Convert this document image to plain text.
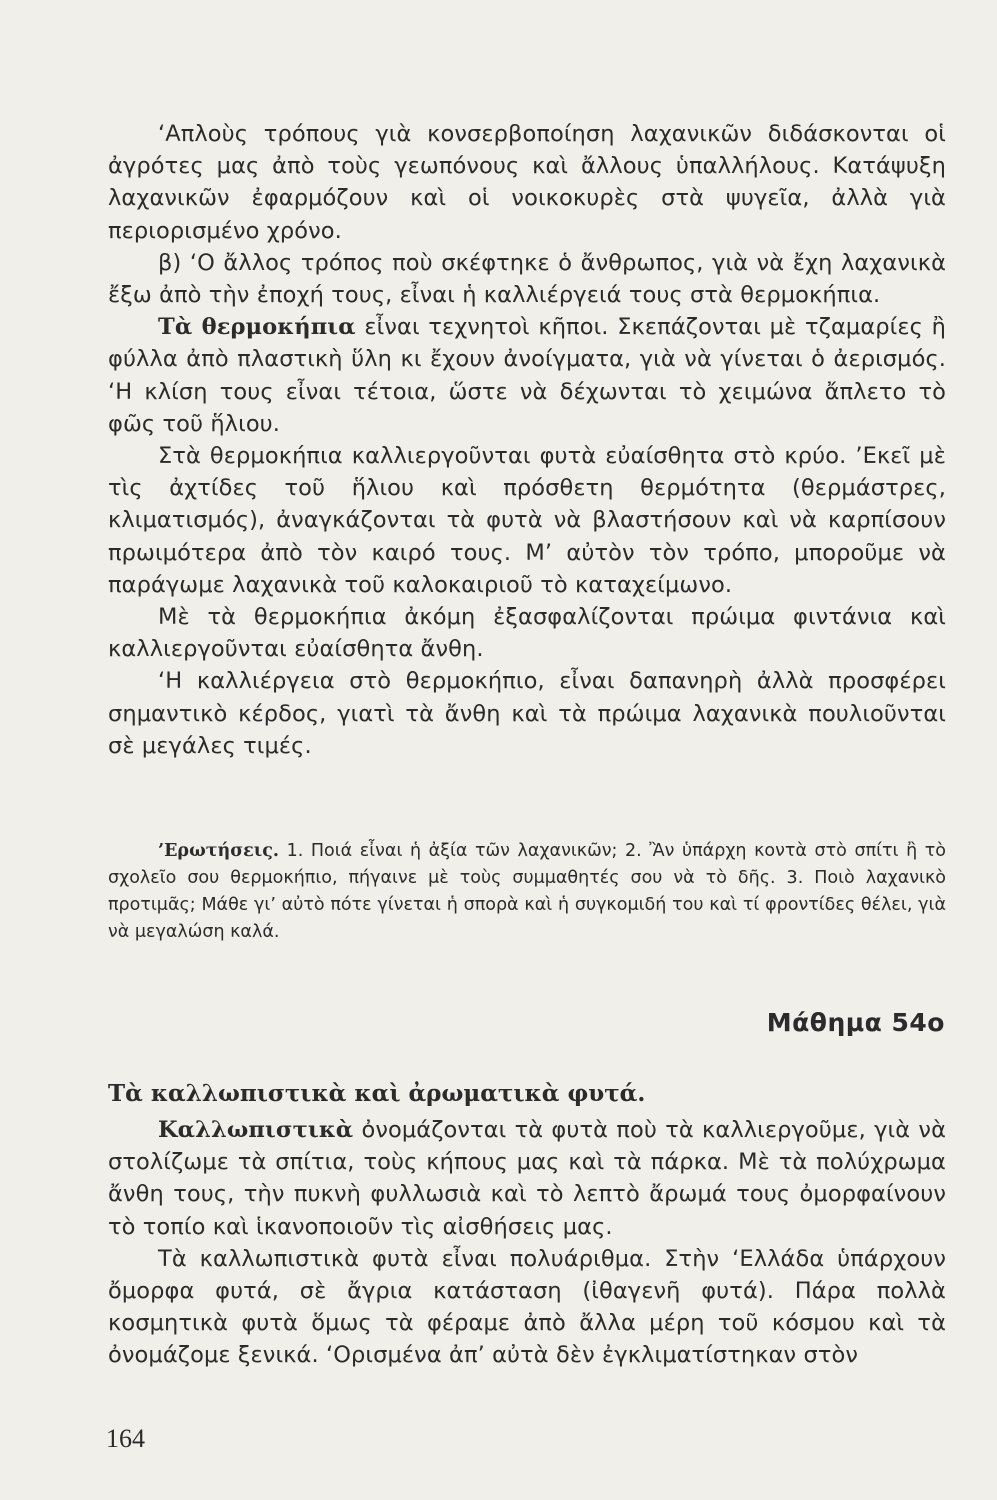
‘Απλοὺς τρόπους γιὰ κονσερβοποίηση λαχανικῶν διδάσκονται οἱ ἀγρότες μας ἀπὸ τοὺς γεωπόνους καὶ ἄλλους ὑπαλλήλους. Κατάψυξη λαχανικῶν ἐφαρμόζουν καὶ οἱ νοικοκυρὲς στὰ ψυγεῖα, ἀλλὰ γιὰ περιορισμένο χρόνο.

β) ‘Ο ἄλλος τρόπος ποὺ σκέφτηκε ὁ ἄνθρωπος, γιὰ νὰ ἔχη λαχανικὰ ἔξω ἀπὸ τὴν ἐποχή τους, εἶναι ἡ καλλιέργειά τους στὰ θερμοκήπια.

Τὰ θερμοκήπια εἶναι τεχνητοὶ κῆποι. Σκεπάζονται μὲ τζαμαρίες ἢ φύλλα ἀπὸ πλαστικὴ ὕλη κι ἔχουν ἀνοίγματα, γιὰ νὰ γίνεται ὁ ἀερισμός. ‘Η κλίση τους εἶναι τέτοια, ὥστε νὰ δέχωνται τὸ χειμώνα ἄπλετο τὸ φῶς τοῦ ἥλιου.

Στὰ θερμοκήπια καλλιεργοῦνται φυτὰ εὐαίσθητα στὸ κρύο. ’Εκεῖ μὲ τὶς ἀχτίδες τοῦ ἥλιου καὶ πρόσθετη θερμότητα (θερμάστρες, κλιματισμός), ἀναγκάζονται τὰ φυτὰ νὰ βλαστήσουν καὶ νὰ καρπίσουν πρωιμότερα ἀπὸ τὸν καιρό τους. Μ’ αὐτὸν τὸν τρόπο, μποροῦμε νὰ παράγωμε λαχανικὰ τοῦ καλοκαιριοῦ τὸ καταχείμωνο.

Μὲ τὰ θερμοκήπια ἀκόμη ἐξασφαλίζονται πρώιμα φιντάνια καὶ καλλιεργοῦνται εὐαίσθητα ἄνθη.

‘Η καλλιέργεια στὸ θερμοκήπιο, εἶναι δαπανηρὴ ἀλλὰ προσφέρει σημαντικὸ κέρδος, γιατὶ τὰ ἄνθη καὶ τὰ πρώιμα λαχανικὰ πουλιοῦνται σὲ μεγάλες τιμές.

’Ερωτήσεις. 1. Ποιά εἶναι ἡ ἀξία τῶν λαχανικῶν; 2. Ἂν ὑπάρχη κοντὰ στὸ σπίτι ἢ τὸ σχολεῖο σου θερμοκήπιο, πήγαινε μὲ τοὺς συμμαθητές σου νὰ τὸ δῆς. 3. Ποιὸ λαχανικὸ προτιμᾶς; Μάθε γι’ αὐτὸ πότε γίνεται ἡ σπορὰ καὶ ἡ συγκομιδή του καὶ τί φροντίδες θέλει, γιὰ νὰ μεγαλώση καλά.

Μάθημα 54ο
Τὰ καλλωπιστικὰ καὶ ἀρωματικὰ φυτά.

Καλλωπιστικὰ ὀνομάζονται τὰ φυτὰ ποὺ τὰ καλλιεργοῦμε, γιὰ νὰ στολίζωμε τὰ σπίτια, τοὺς κήπους μας καὶ τὰ πάρκα. Μὲ τὰ πολύχρωμα ἄνθη τους, τὴν πυκνὴ φυλλωσιὰ καὶ τὸ λεπτὸ ἄρωμά τους ὀμορφαίνουν τὸ τοπίο καὶ ἱκανοποιοῦν τὶς αἰσθήσεις μας.

Τὰ καλλωπιστικὰ φυτὰ εἶναι πολυάριθμα. Στὴν ‘Ελλάδα ὑπάρχουν ὄμορφα φυτά, σὲ ἄγρια κατάσταση (ἰθαγενῆ φυτά). Πάρα πολλὰ κοσμητικὰ φυτὰ ὅμως τὰ φέραμε ἀπὸ ἄλλα μέρη τοῦ κόσμου καὶ τὰ ὀνομάζομε ξενικά. ‘Ορισμένα ἀπ’ αὐτὰ δὲν ἐγκλιματίστηκαν στὸν

164
